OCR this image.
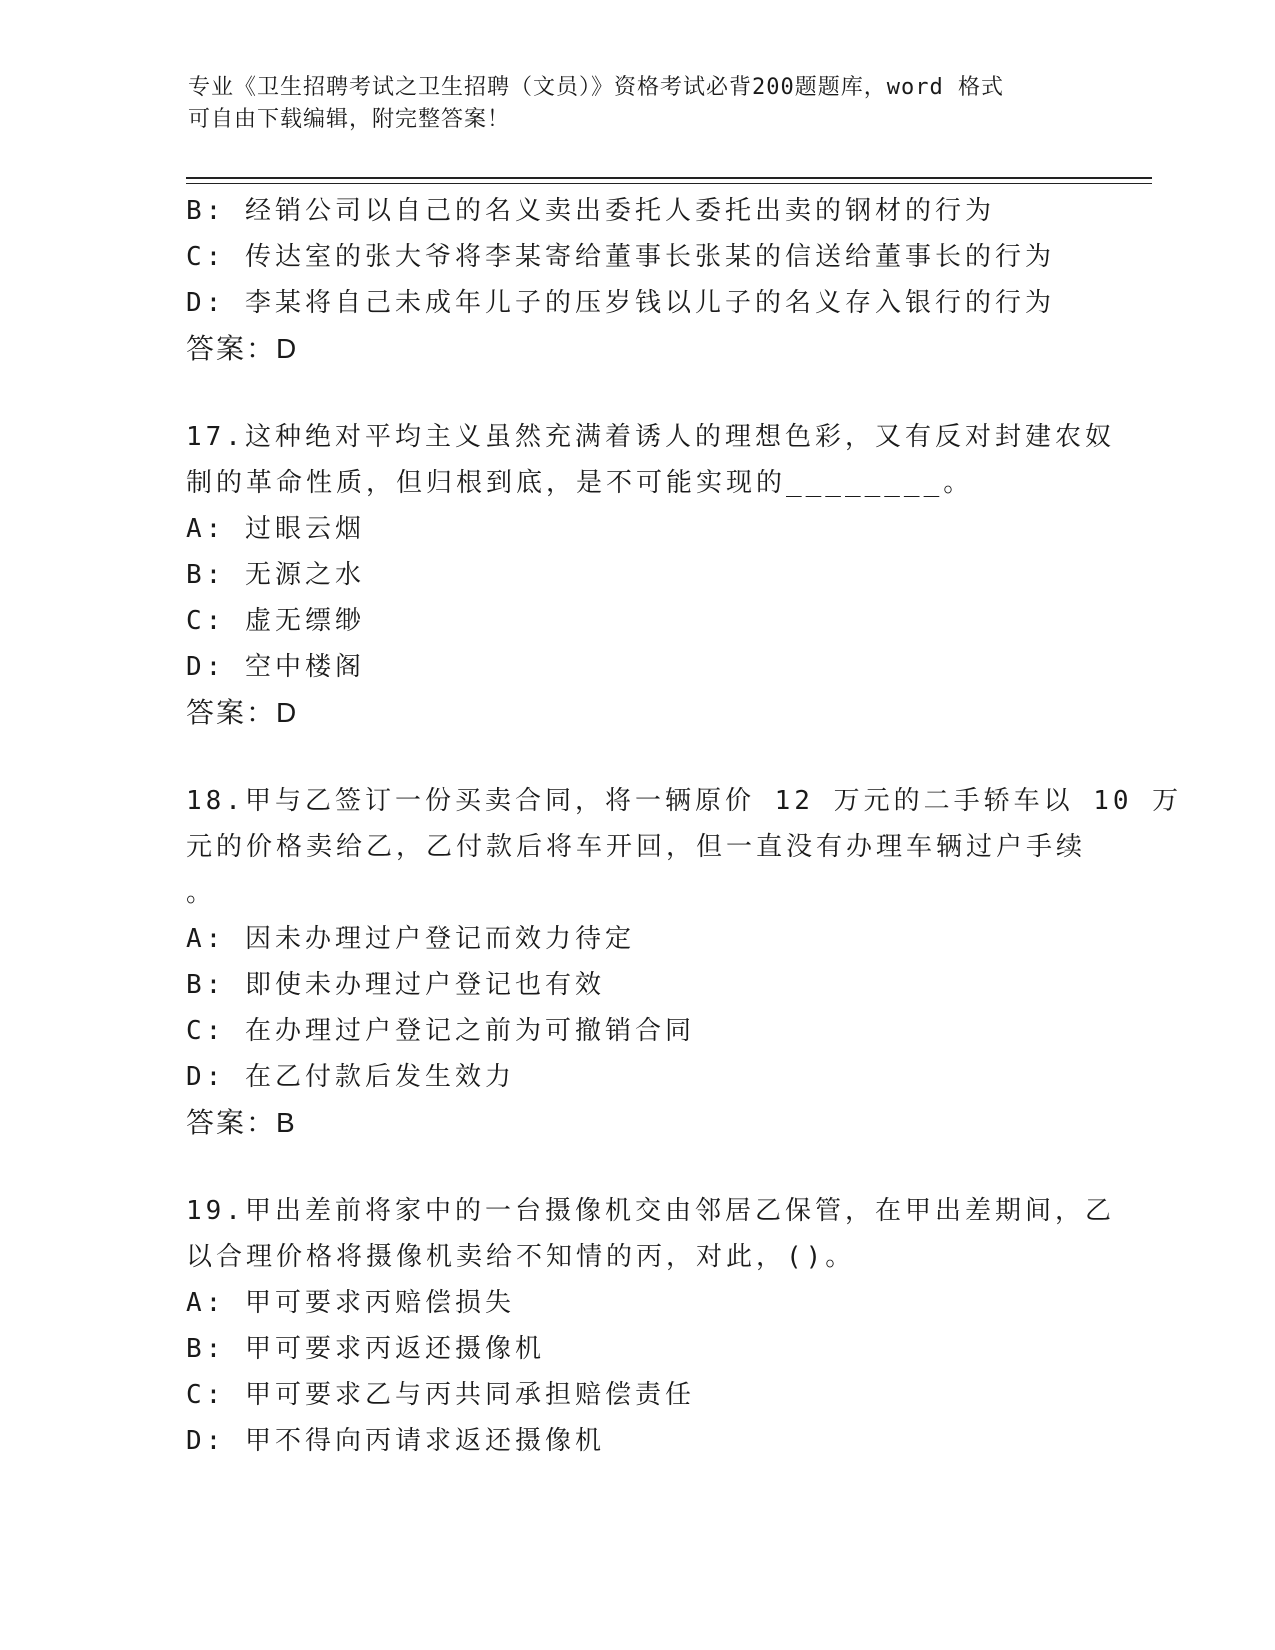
专业《卫生招聘考试之卫生招聘（文员）》资格考试必背200题题库，word 格式
可自由下载编辑，附完整答案！
B: 经销公司以自己的名义卖出委托人委托出卖的钢材的行为
C: 传达室的张大爷将李某寄给董事长张某的信送给董事长的行为
D: 李某将自己未成年儿子的压岁钱以儿子的名义存入银行的行为
答案：D
17.这种绝对平均主义虽然充满着诱人的理想色彩，又有反对封建农奴
制的革命性质，但归根到底，是不可能实现的________。
A: 过眼云烟
B: 无源之水
C: 虚无缥缈
D: 空中楼阁
答案：D
18.甲与乙签订一份买卖合同，将一辆原价 12 万元的二手轿车以 10 万
元的价格卖给乙，乙付款后将车开回，但一直没有办理车辆过户手续
。
A: 因未办理过户登记而效力待定
B: 即使未办理过户登记也有效
C: 在办理过户登记之前为可撤销合同
D: 在乙付款后发生效力
答案：B
19.甲出差前将家中的一台摄像机交由邻居乙保管，在甲出差期间，乙
以合理价格将摄像机卖给不知情的丙，对此，()。
A: 甲可要求丙赔偿损失
B: 甲可要求丙返还摄像机
C: 甲可要求乙与丙共同承担赔偿责任
D: 甲不得向丙请求返还摄像机
